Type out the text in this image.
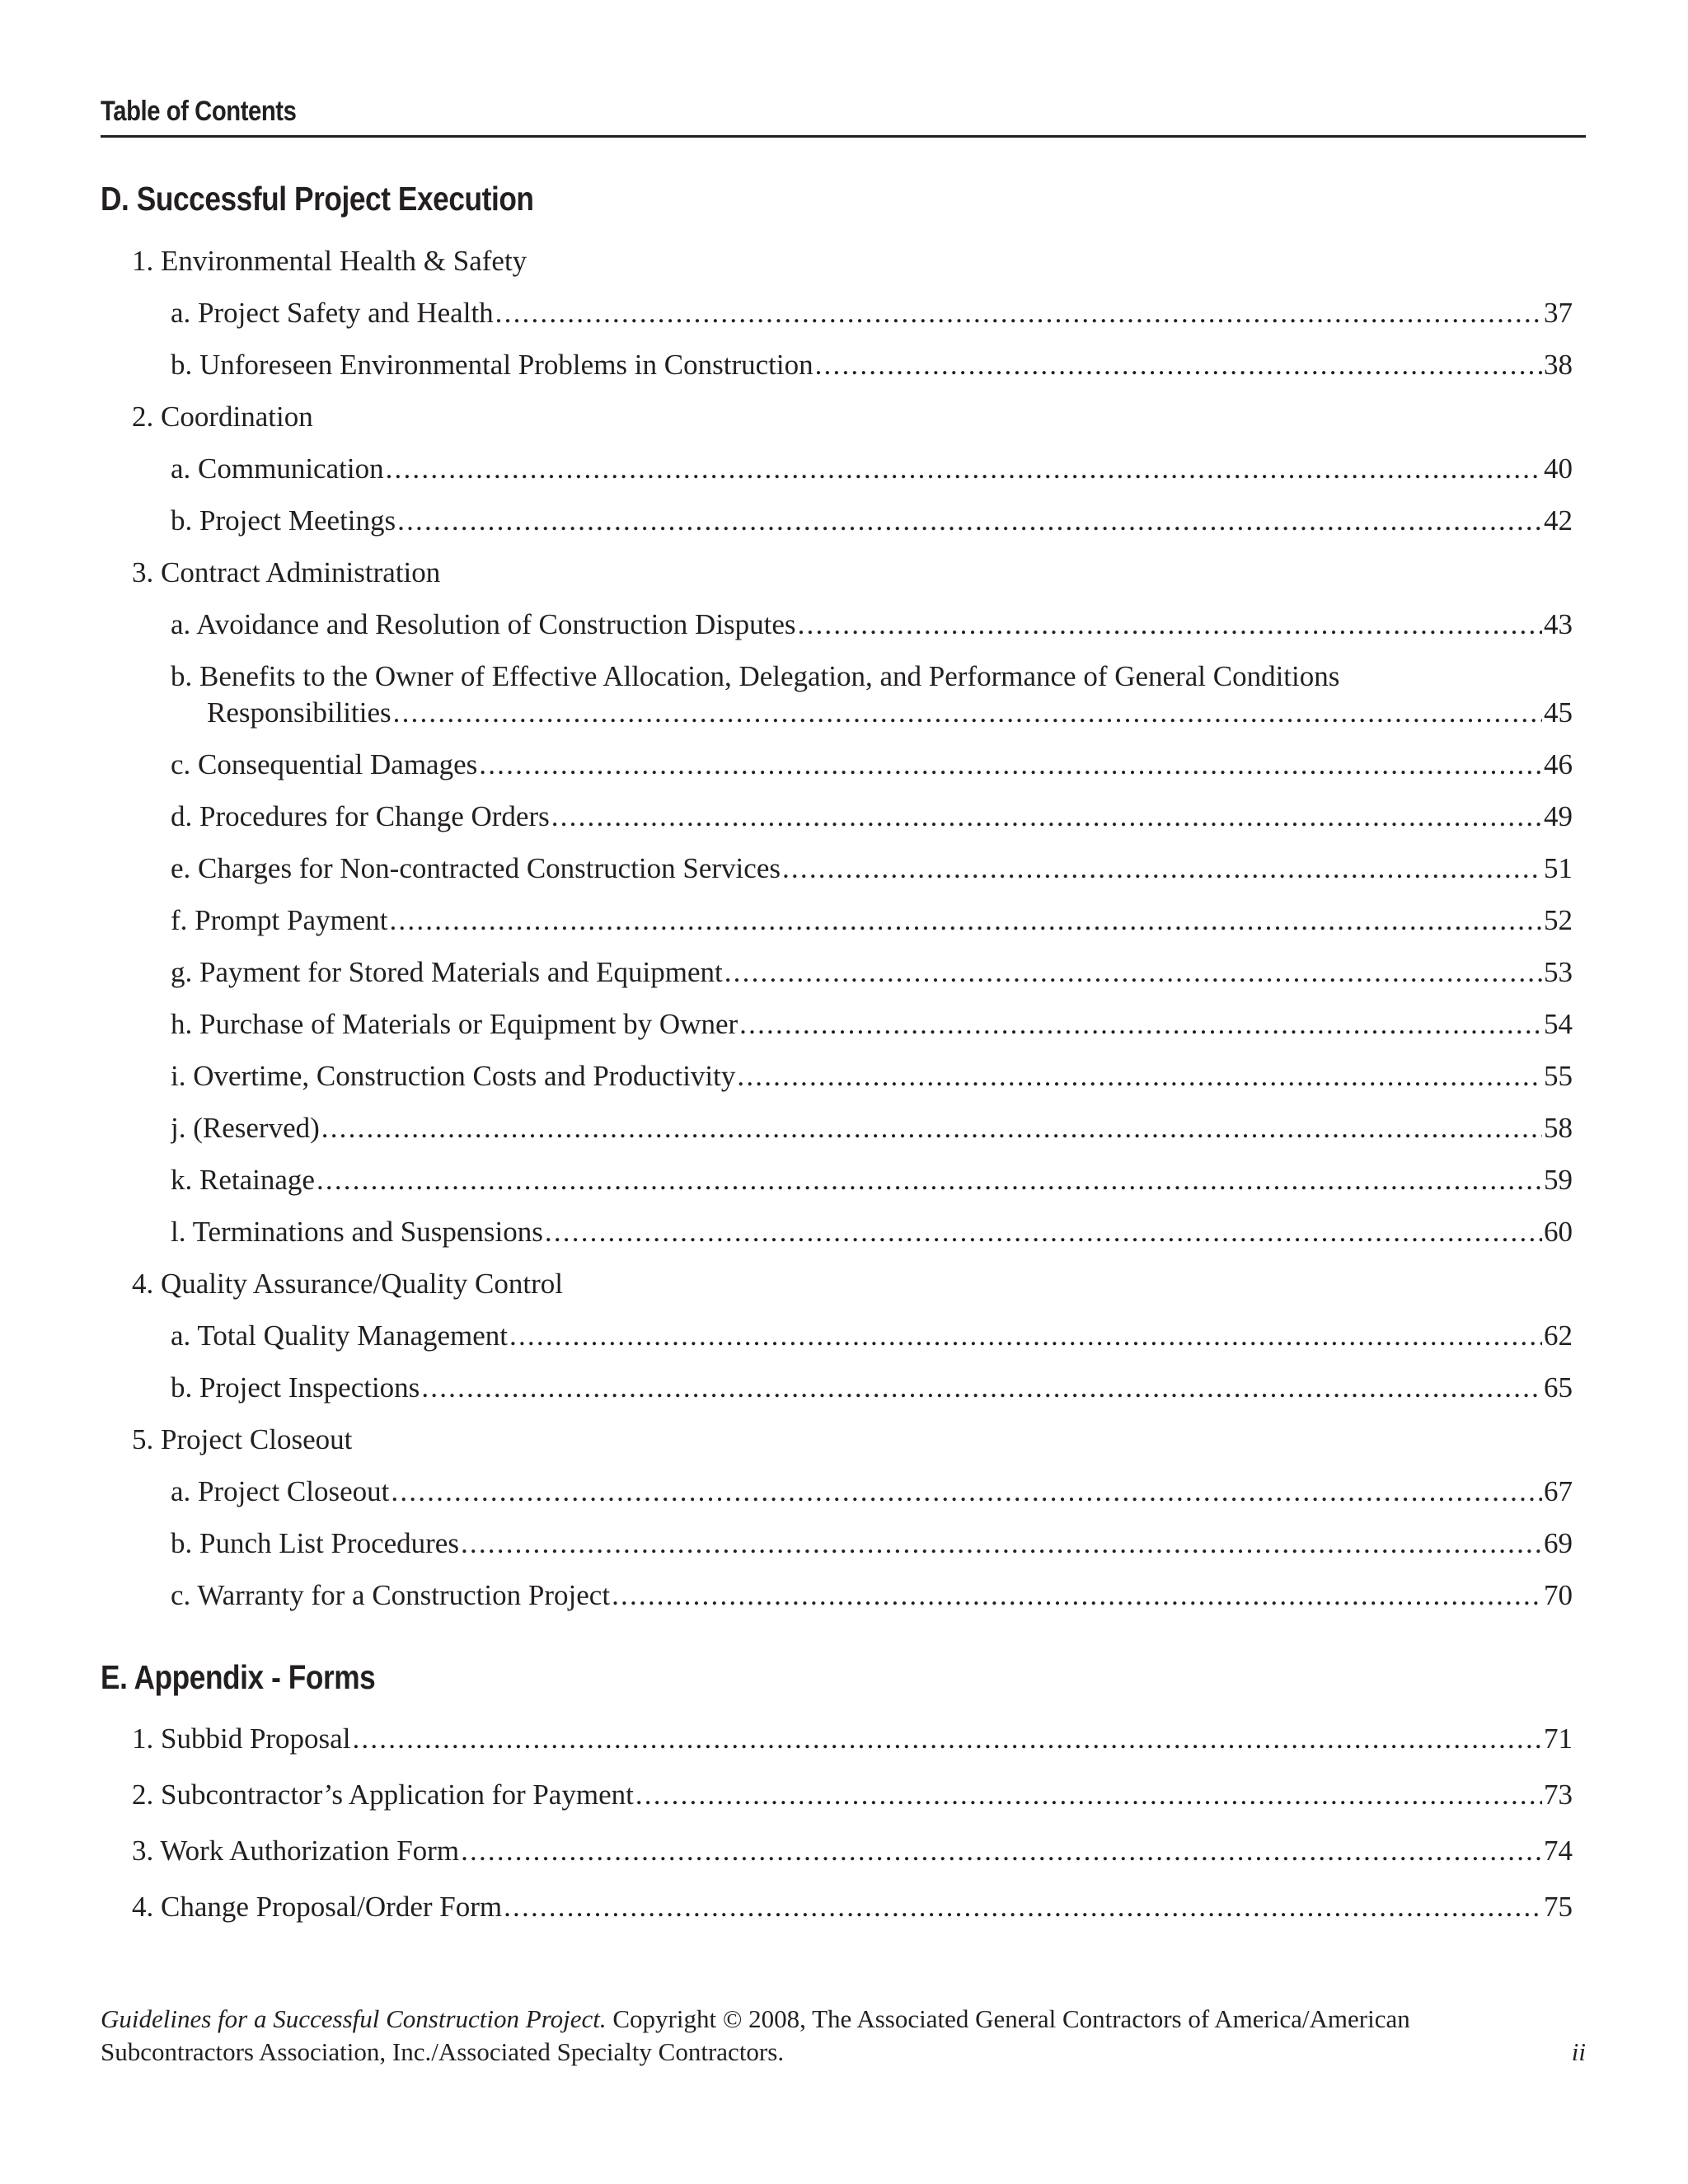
Table of Contents
D. Successful Project Execution
1. Environmental Health & Safety
a. Project Safety and Health .....	37
b. Unforeseen Environmental Problems in Construction .....	38
2. Coordination
a. Communication .....	40
b. Project Meetings .....	42
3. Contract Administration
a. Avoidance and Resolution of Construction Disputes .....	43
b. Benefits to the Owner of Effective Allocation, Delegation, and Performance of General Conditions
Responsibilities .....	45
c. Consequential Damages .....	46
d. Procedures for Change Orders .....	49
e. Charges for Non-contracted Construction Services .....	51
f. Prompt Payment .....	52
g. Payment for Stored Materials and Equipment .....	53
h. Purchase of Materials or Equipment by Owner .....	54
i. Overtime, Construction Costs and Productivity .....	55
j. (Reserved) .....	58
k. Retainage .....	59
l. Terminations and Suspensions .....	60
4. Quality Assurance/Quality Control
a. Total Quality Management .....	62
b. Project Inspections .....	65
5. Project Closeout
a. Project Closeout .....	67
b. Punch List Procedures .....	69
c. Warranty for a Construction Project .....	70
E. Appendix - Forms
1. Subbid Proposal .....	71
2. Subcontractor’s Application for Payment .....	73
3. Work Authorization Form .....	74
4. Change Proposal/Order Form .....	75
Guidelines for a Successful Construction Project. Copyright © 2008, The Associated General Contractors of America/American
Subcontractors Association, Inc./Associated Specialty Contractors.	ii
